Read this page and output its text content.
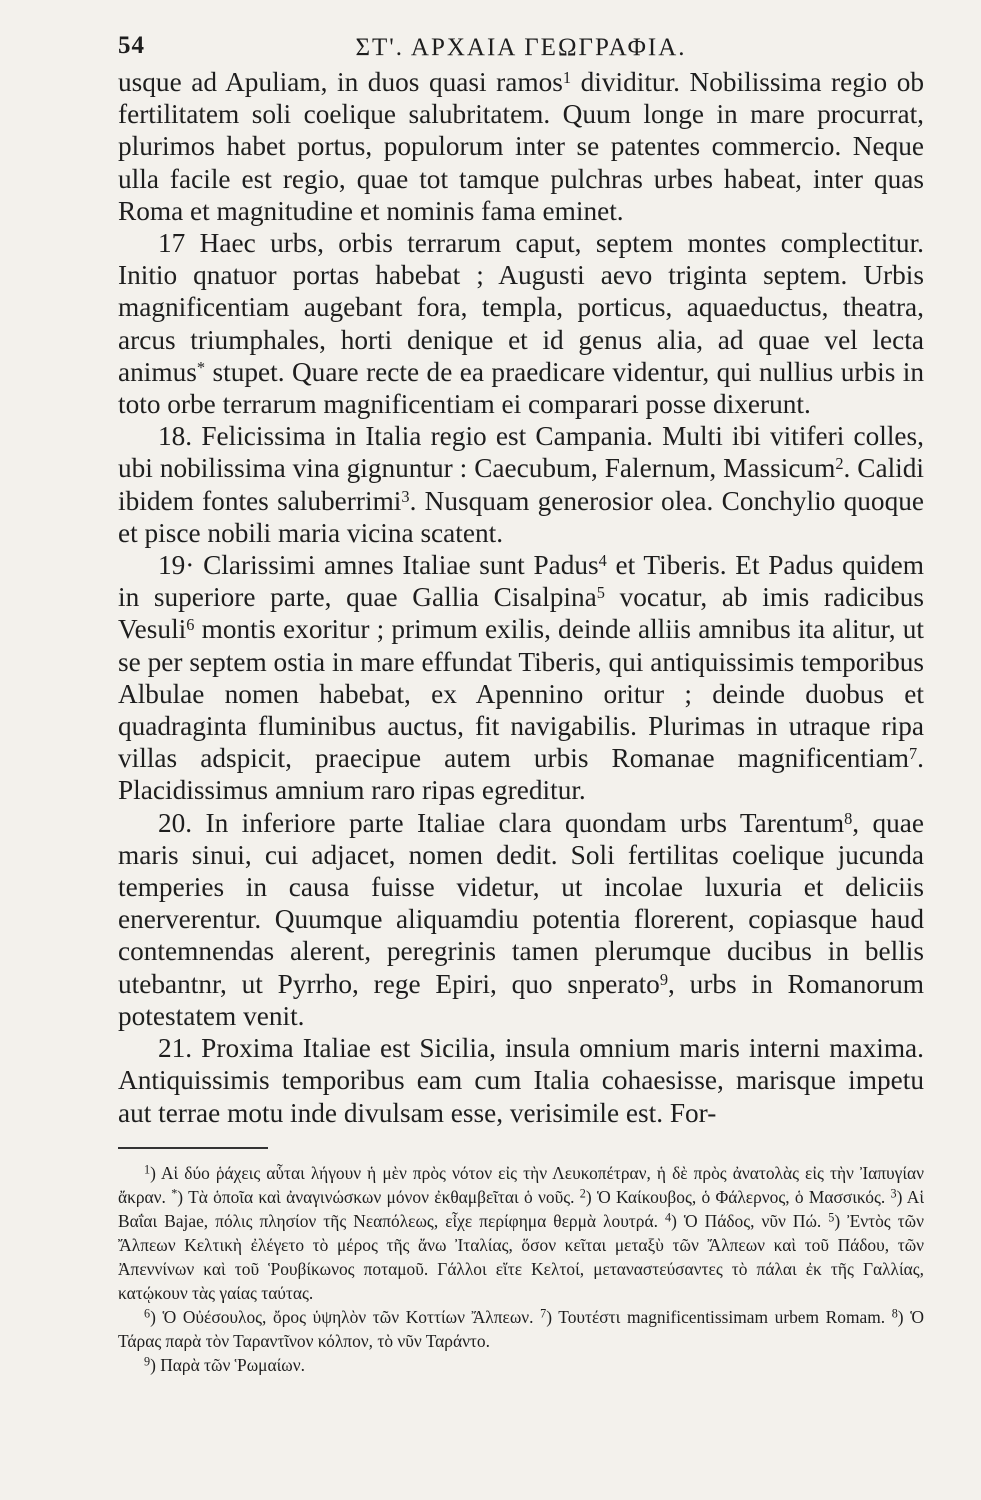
54	ΣΤ'. ΑΡΧΑΙΑ ΓΕΩΓΡΑΦΙΑ.

usque ad Apuliam, in duos quasi ramos$^1$ dividitur. Nobilissima regio ob fertilitatem soli coelique salubritatem. Quum longe in mare procurrat, plurimos habet portus, populorum inter se patentes commercio. Neque ulla facile est regio, quae tot tamque pulchras urbes habeat, inter quas Roma et magnitudine et nominis fama eminet.

17 Haec urbs, orbis terrarum caput, septem montes complectitur. Initio qnatuor portas habebat ; Augusti aevo triginta septem. Urbis magnificentiam augebant fora, templa, porticus, aquaeductus, theatra, arcus triumphales, horti denique et id genus alia, ad quae vel lecta animus* stupet. Quare recte de ea praedicare videntur, qui nullius urbis in toto orbe terrarum magnificentiam ei comparari posse dixerunt.

18. Felicissima in Italia regio est Campania. Multi ibi vitiferi colles, ubi nobilissima vina gignuntur : Caecubum, Falernum, Massicum$^2$. Calidi ibidem fontes saluberrimi$^3$. Nusquam generosior olea. Conchylio quoque et pisce nobili maria vicina scatent.

19· Clarissimi amnes Italiae sunt Padus$^4$ et Tiberis. Et Padus quidem in superiore parte, quae Gallia Cisalpina$^5$ vocatur, ab imis radicibus Vesuli$^6$ montis exoritur ; primum exilis, deinde alliis amnibus ita alitur, ut se per septem ostia in mare effundat Tiberis, qui antiquissimis temporibus Albulae nomen habebat, ex Apennino oritur ; deinde duobus et quadraginta fluminibus auctus, fit navigabilis. Plurimas in utraque ripa villas adspicit, praecipue autem urbis Romanae magnificentiam$^7$. Placidissimus amnium raro ripas egreditur.

20. In inferiore parte Italiae clara quondam urbs Tarentum$^8$, quae maris sinui, cui adjacet, nomen dedit. Soli fertilitas coelique jucunda temperies in causa fuisse videtur, ut incolae luxuria et deliciis enerverentur. Quumque aliquamdiu potentia florerent, copiasque haud contemnendas alerent, peregrinis tamen plerumque ducibus in bellis utebantnr, ut Pyrrho, rege Epiri, quo snperato$^9$, urbs in Romanorum potestatem venit.

21. Proxima Italiae est Sicilia, insula omnium maris interni maxima. Antiquissimis temporibus eam cum Italia cohaesisse, marisque impetu aut terrae motu inde divulsam esse, verisimile est. For-

$^1$) Αἱ δύο ῥάχεις αὗται λήγουν ἡ μὲν πρὸς νότον εἰς τὴν Λευκοπέτραν, ἡ δὲ πρὸς ἀνατολὰς εἰς τὴν Ἰαπυγίαν ἄκραν. *) Τὰ ὁποῖα καὶ ἀναγινώσκων μόνον ἐκθαμβεῖται ὁ νοῦς. $^2$) Ὁ Καίκουβος, ὁ Φάλερνος, ὁ Μασσικός. $^3$) Αἱ Βαΐαι Bajae, πόλις πλησίον τῆς Νεαπόλεως, εἶχε περίφημα θερμὰ λουτρά. $^4$) Ὁ Πάδος, νῦν Πώ. $^5$) Ἐντὸς τῶν Ἄλπεων Κελτικὴ ἐλέγετο τὸ μέρος τῆς ἄνω Ἰταλίας, ὅσον κεῖται μεταξὺ τῶν Ἄλπεων καὶ τοῦ Πάδου, τῶν Ἀπεννίνων καὶ τοῦ Ῥουβίκωνος ποταμοῦ. Γάλλοι εἴτε Κελτοί, μεταναστεύσαντες τὸ πάλαι ἐκ τῆς Γαλλίας, κατῴκουν τὰς γαίας ταύτας.

$^6$) Ὁ Οὐέσουλος, ὄρος ὑψηλὸν τῶν Κοττίων Ἄλπεων. $^7$) Τουτέστι magnificentissimam urbem Romam. $^8$) Ὁ Τάρας παρὰ τὸν Ταραντῖνον κόλπον, τὸ νῦν Ταράντο.

$^9$) Παρὰ τῶν Ῥωμαίων.
